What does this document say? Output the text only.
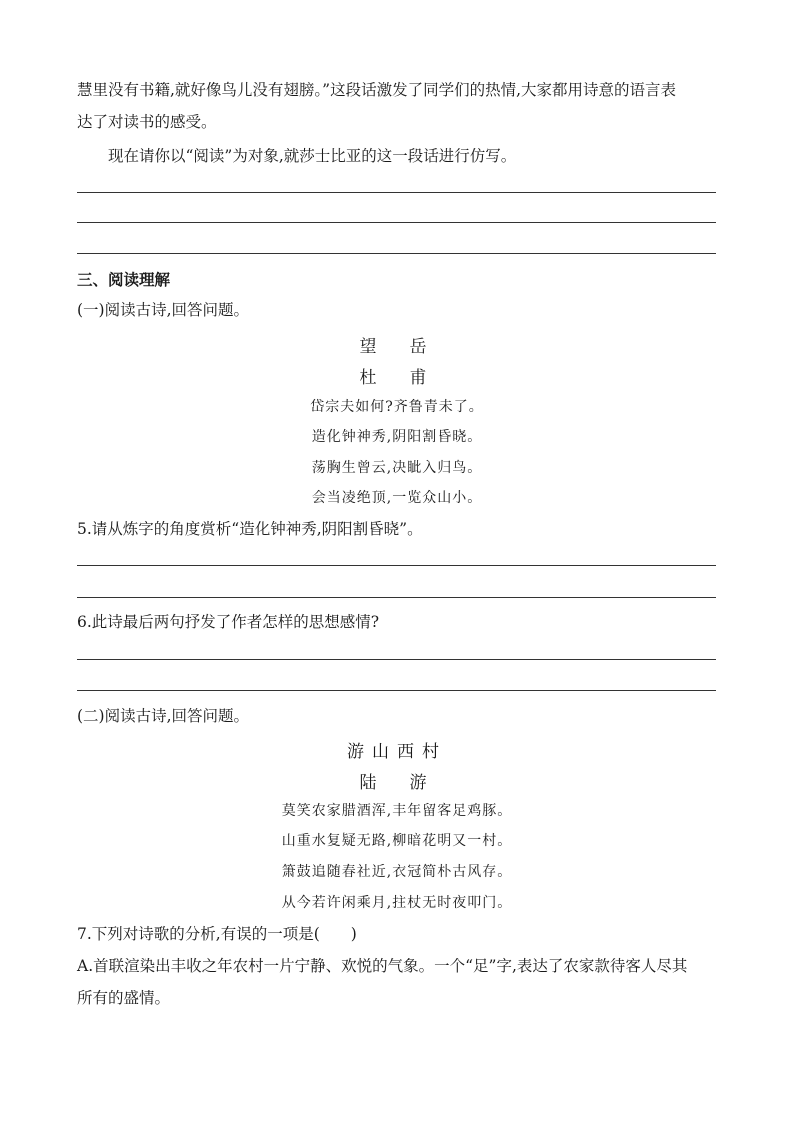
慧里没有书籍,就好像鸟儿没有翅膀。”这段话激发了同学们的热情,大家都用诗意的语言表
达了对读书的感受。
现在请你以“阅读”为对象,就莎士比亚的这一段话进行仿写。
三、阅读理解
(一)阅读古诗,回答问题。
望　岳
杜　甫
岱宗夫如何?齐鲁青未了。
造化钟神秀,阴阳割昏晓。
荡胸生曾云,决眦入归鸟。
会当凌绝顶,一览众山小。
5.请从炼字的角度赏析“造化钟神秀,阴阳割昏晓”。
6.此诗最后两句抒发了作者怎样的思想感情?
(二)阅读古诗,回答问题。
游山西村
陆　游
莫笑农家腊酒浑,丰年留客足鸡豚。
山重水复疑无路,柳暗花明又一村。
箫鼓追随春社近,衣冠简朴古风存。
从今若许闲乘月,拄杖无时夜叩门。
7.下列对诗歌的分析,有误的一项是(　　)
A.首联渲染出丰收之年农村一片宁静、欢悦的气象。一个“足”字,表达了农家款待客人尽其
所有的盛情。
